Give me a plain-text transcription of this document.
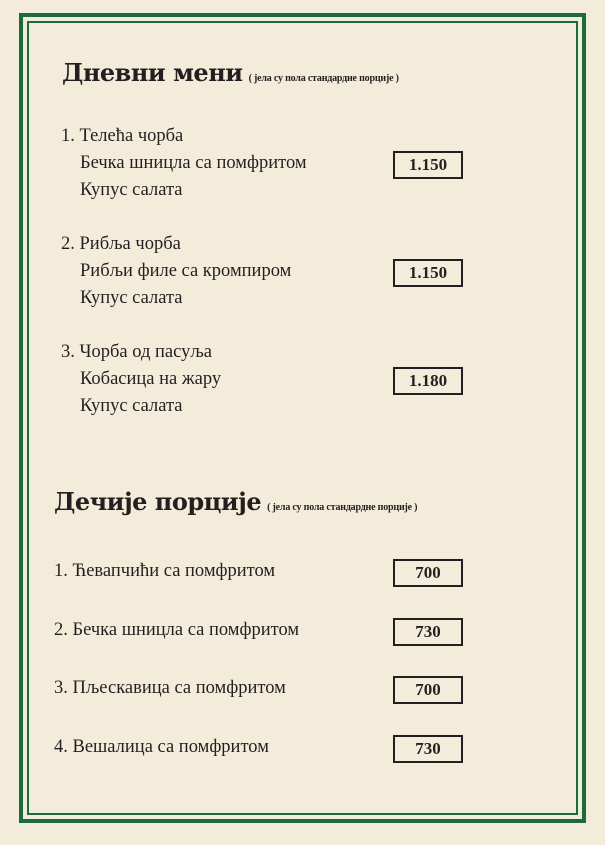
Дневни мени ( јела су пола стандардне порције )
1. Телећа чорба
Бечка шницла са помфритом
Купус салата
1.150
2. Рибља чорба
Рибљи филе са кромпиром
Купус салата
1.150
3. Чорба од пасуља
Кобасица на жару
Купус салата
1.180
Дечије порције ( јела су пола стандардне порције )
1. Ћевапчићи са помфритом	700
2. Бечка шницла са помфритом	730
3. Пљескавица са помфритом	700
4. Вешалица са помфритом	730
